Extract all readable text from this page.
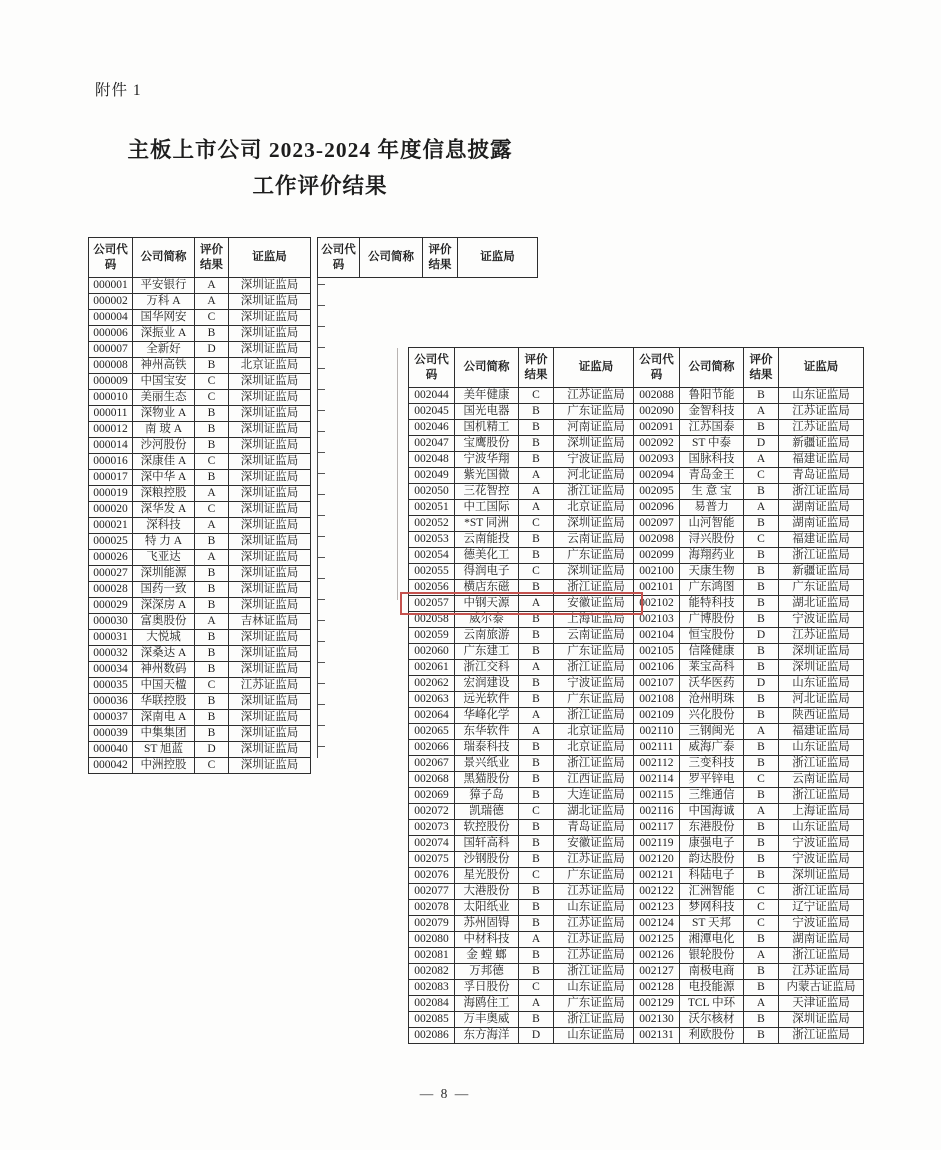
附件 1
主板上市公司 2023-2024 年度信息披露
工作评价结果
公司代码	公司简称	评价结果	证监局
000001	平安银行	A	深圳证监局
000002	万科 A	A	深圳证监局
000004	国华网安	C	深圳证监局
000006	深振业 A	B	深圳证监局
000007	全新好	D	深圳证监局
000008	神州高铁	B	北京证监局
000009	中国宝安	C	深圳证监局
000010	美丽生态	C	深圳证监局
000011	深物业 A	B	深圳证监局
000012	南 玻 A	B	深圳证监局
000014	沙河股份	B	深圳证监局
000016	深康佳 A	C	深圳证监局
000017	深中华 A	B	深圳证监局
000019	深粮控股	A	深圳证监局
000020	深华发 A	C	深圳证监局
000021	深科技	A	深圳证监局
000025	特 力 A	B	深圳证监局
000026	飞亚达	A	深圳证监局
000027	深圳能源	B	深圳证监局
000028	国药一致	B	深圳证监局
000029	深深房 A	B	深圳证监局
000030	富奥股份	A	吉林证监局
000031	大悦城	B	深圳证监局
000032	深桑达 A	B	深圳证监局
000034	神州数码	B	深圳证监局
000035	中国天楹	C	江苏证监局
000036	华联控股	B	深圳证监局
000037	深南电 A	B	深圳证监局
000039	中集集团	B	深圳证监局
000040	ST 旭蓝	D	深圳证监局
000042	中洲控股	C	深圳证监局
公司代码	公司简称	评价结果	证监局
公司代码	公司简称	评价结果	证监局
002044	美年健康	C	江苏证监局
002045	国光电器	B	广东证监局
002046	国机精工	B	河南证监局
002047	宝鹰股份	B	深圳证监局
002048	宁波华翔	B	宁波证监局
002049	紫光国微	A	河北证监局
002050	三花智控	A	浙江证监局
002051	中工国际	A	北京证监局
002052	*ST 同洲	C	深圳证监局
002053	云南能投	B	云南证监局
002054	德美化工	B	广东证监局
002055	得润电子	C	深圳证监局
002056	横店东磁	B	浙江证监局
002057	中钢天源	A	安徽证监局
002058	威尔泰	B	上海证监局
002059	云南旅游	B	云南证监局
002060	广东建工	B	广东证监局
002061	浙江交科	A	浙江证监局
002062	宏润建设	B	宁波证监局
002063	远光软件	B	广东证监局
002064	华峰化学	A	浙江证监局
002065	东华软件	A	北京证监局
002066	瑞泰科技	B	北京证监局
002067	景兴纸业	B	浙江证监局
002068	黑猫股份	B	江西证监局
002069	獐子岛	B	大连证监局
002072	凯瑞德	C	湖北证监局
002073	软控股份	B	青岛证监局
002074	国轩高科	B	安徽证监局
002075	沙钢股份	B	江苏证监局
002076	星光股份	C	广东证监局
002077	大港股份	B	江苏证监局
002078	太阳纸业	B	山东证监局
002079	苏州固锝	B	江苏证监局
002080	中材科技	A	江苏证监局
002081	金 螳 螂	B	江苏证监局
002082	万邦德	B	浙江证监局
002083	孚日股份	C	山东证监局
002084	海鸥住工	A	广东证监局
002085	万丰奥威	B	浙江证监局
002086	东方海洋	D	山东证监局
公司代码	公司简称	评价结果	证监局
002088	鲁阳节能	B	山东证监局
002090	金智科技	A	江苏证监局
002091	江苏国泰	B	江苏证监局
002092	ST 中泰	D	新疆证监局
002093	国脉科技	A	福建证监局
002094	青岛金王	C	青岛证监局
002095	生 意 宝	B	浙江证监局
002096	易普力	A	湖南证监局
002097	山河智能	B	湖南证监局
002098	浔兴股份	C	福建证监局
002099	海翔药业	B	浙江证监局
002100	天康生物	B	新疆证监局
002101	广东鸿图	B	广东证监局
002102	能特科技	B	湖北证监局
002103	广博股份	B	宁波证监局
002104	恒宝股份	D	江苏证监局
002105	信隆健康	B	深圳证监局
002106	莱宝高科	B	深圳证监局
002107	沃华医药	D	山东证监局
002108	沧州明珠	B	河北证监局
002109	兴化股份	B	陕西证监局
002110	三钢闽光	A	福建证监局
002111	威海广泰	B	山东证监局
002112	三变科技	B	浙江证监局
002114	罗平锌电	C	云南证监局
002115	三维通信	B	浙江证监局
002116	中国海诚	A	上海证监局
002117	东港股份	B	山东证监局
002119	康强电子	B	宁波证监局
002120	韵达股份	B	宁波证监局
002121	科陆电子	B	深圳证监局
002122	汇洲智能	C	浙江证监局
002123	梦网科技	C	辽宁证监局
002124	ST 天邦	C	宁波证监局
002125	湘潭电化	B	湖南证监局
002126	银轮股份	A	浙江证监局
002127	南极电商	B	江苏证监局
002128	电投能源	B	内蒙古证监局
002129	TCL 中环	A	天津证监局
002130	沃尔核材	B	深圳证监局
002131	利欧股份	B	浙江证监局
— 8 —
